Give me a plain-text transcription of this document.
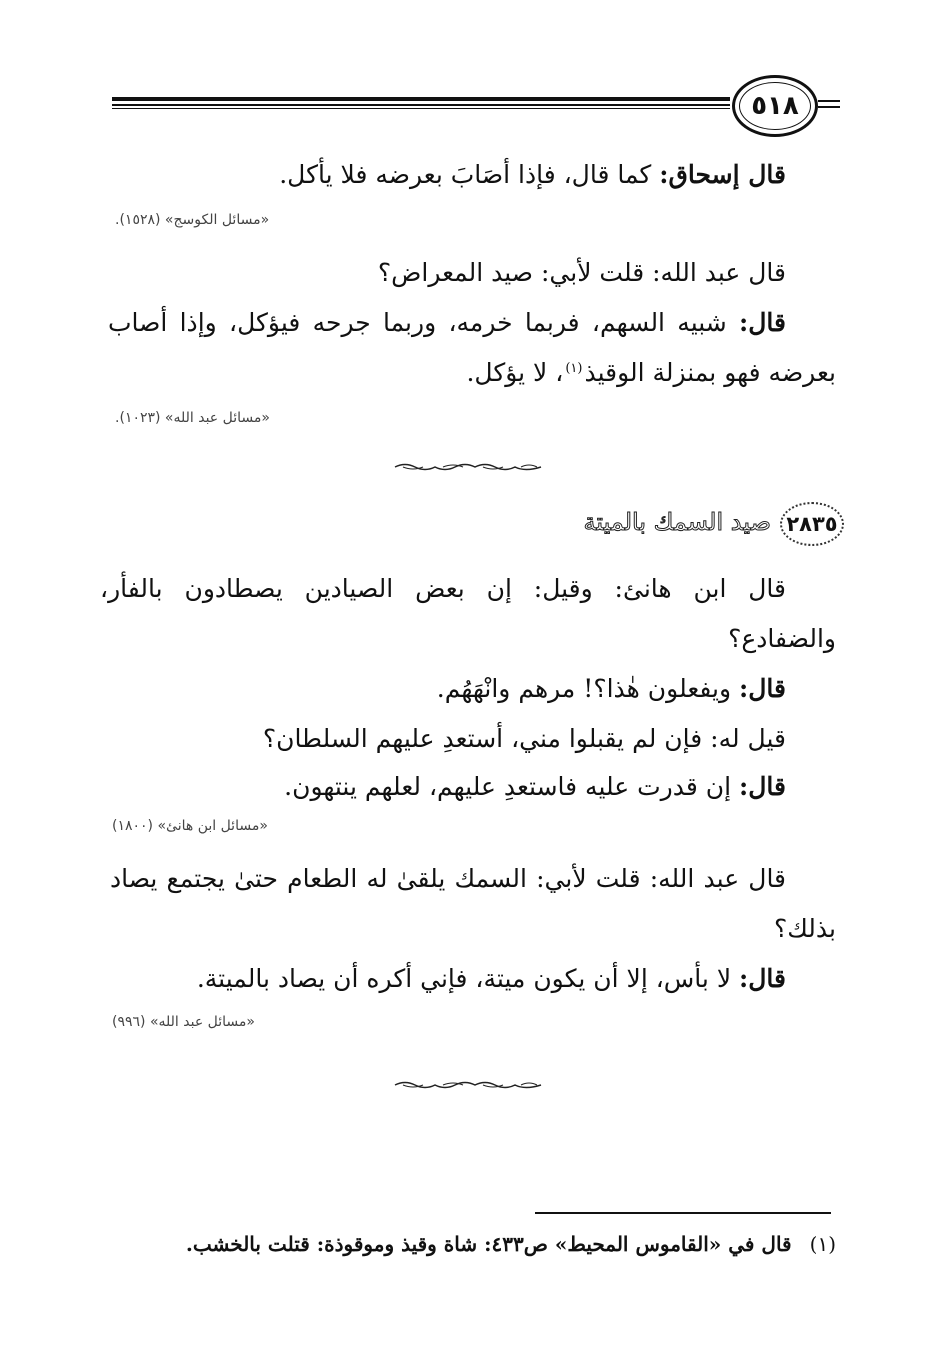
٥١٨
قال إسحاق: كما قال، فإذا أصَابَ بعرضه فلا يأكل.
«مسائل الكوسج» (١٥٢٨).
قال عبد الله: قلت لأبي: صيد المعراض؟
قال: شبيه السهم، فربما خرمه، وربما جرحه فيؤكل، وإذا أصاب
بعرضه فهو بمنزلة الوقيذ$^{(١)}$، لا يؤكل.
«مسائل عبد الله» (١٠٢٣).
٢٨٣٥
صيد السمك بالميتة
قال ابن هانئ: وقيل: إن بعض الصيادين يصطادون بالفأر،
والضفادع؟
قال: ويفعلون هٰذا؟! مرهم وانْهَهُم.
قيل له: فإن لم يقبلوا مني، أستعدِ عليهم السلطان؟
قال: إن قدرت عليه فاستعدِ عليهم، لعلهم ينتهون.
«مسائل ابن هانئ» (١٨٠٠)
قال عبد الله: قلت لأبي: السمك يلقىٰ له الطعام حتىٰ يجتمع يصاد
بذلك؟
قال: لا بأس، إلا أن يكون ميتة، فإني أكره أن يصاد بالميتة.
«مسائل عبد الله» (٩٩٦)
(١)قال في «القاموس المحيط» ص٤٣٣: شاة وقيذ وموقوذة: قتلت بالخشب.
